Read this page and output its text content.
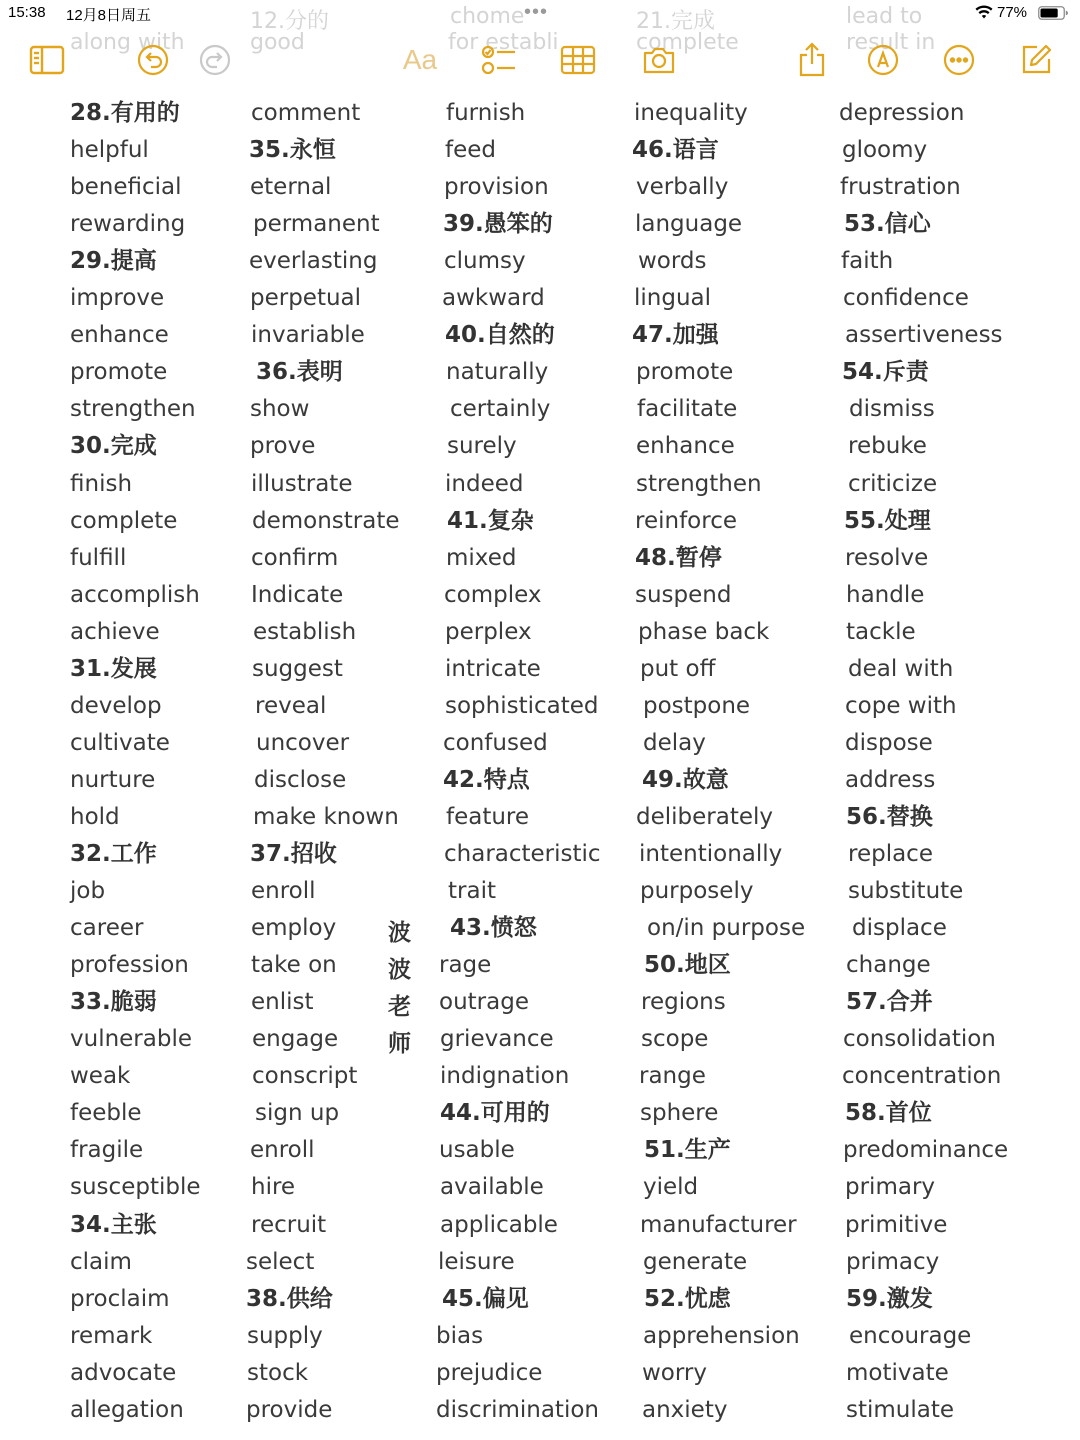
15:38 12月8日周五	•••	77%
along with
12.分的
good
chome
for establi
21.完成
complete
lead to
result in
Aa
28.有用的
helpful
beneficial
rewarding
29.提高
improve
enhance
promote
strengthen
30.完成
finish
complete
fulfill
accomplish
achieve
31.发展
develop
cultivate
nurture
hold
32.工作
job
career
profession
33.脆弱
vulnerable
weak
feeble
fragile
susceptible
34.主张
claim
proclaim
remark
advocate
allegation
comment
35.永恒
eternal
permanent
everlasting
perpetual
invariable
36.表明
show
prove
illustrate
demonstrate
confirm
Indicate
establish
suggest
reveal
uncover
disclose
make known
37.招收
enroll
employ
take on
enlist
engage
conscript
sign up
enroll
hire
recruit
select
38.供给
supply
stock
provide
furnish
feed
provision
39.愚笨的
clumsy
awkward
40.自然的
naturally
certainly
surely
indeed
41.复杂
mixed
complex
perplex
intricate
sophisticated
confused
42.特点
feature
characteristic
trait
43.愤怒
rage
outrage
grievance
indignation
44.可用的
usable
available
applicable
leisure
45.偏见
bias
prejudice
discrimination
inequality
46.语言
verbally
language
words
lingual
47.加强
promote
facilitate
enhance
strengthen
reinforce
48.暂停
suspend
phase back
put off
postpone
delay
49.故意
deliberately
intentionally
purposely
on/in purpose
50.地区
regions
scope
range
sphere
51.生产
yield
manufacturer
generate
52.忧虑
apprehension
worry
anxiety
depression
gloomy
frustration
53.信心
faith
confidence
assertiveness
54.斥责
dismiss
rebuke
criticize
55.处理
resolve
handle
tackle
deal with
cope with
dispose
address
56.替换
replace
substitute
displace
change
57.合并
consolidation
concentration
58.首位
predominance
primary
primitive
primacy
59.激发
encourage
motivate
stimulate
波
波
老
师
